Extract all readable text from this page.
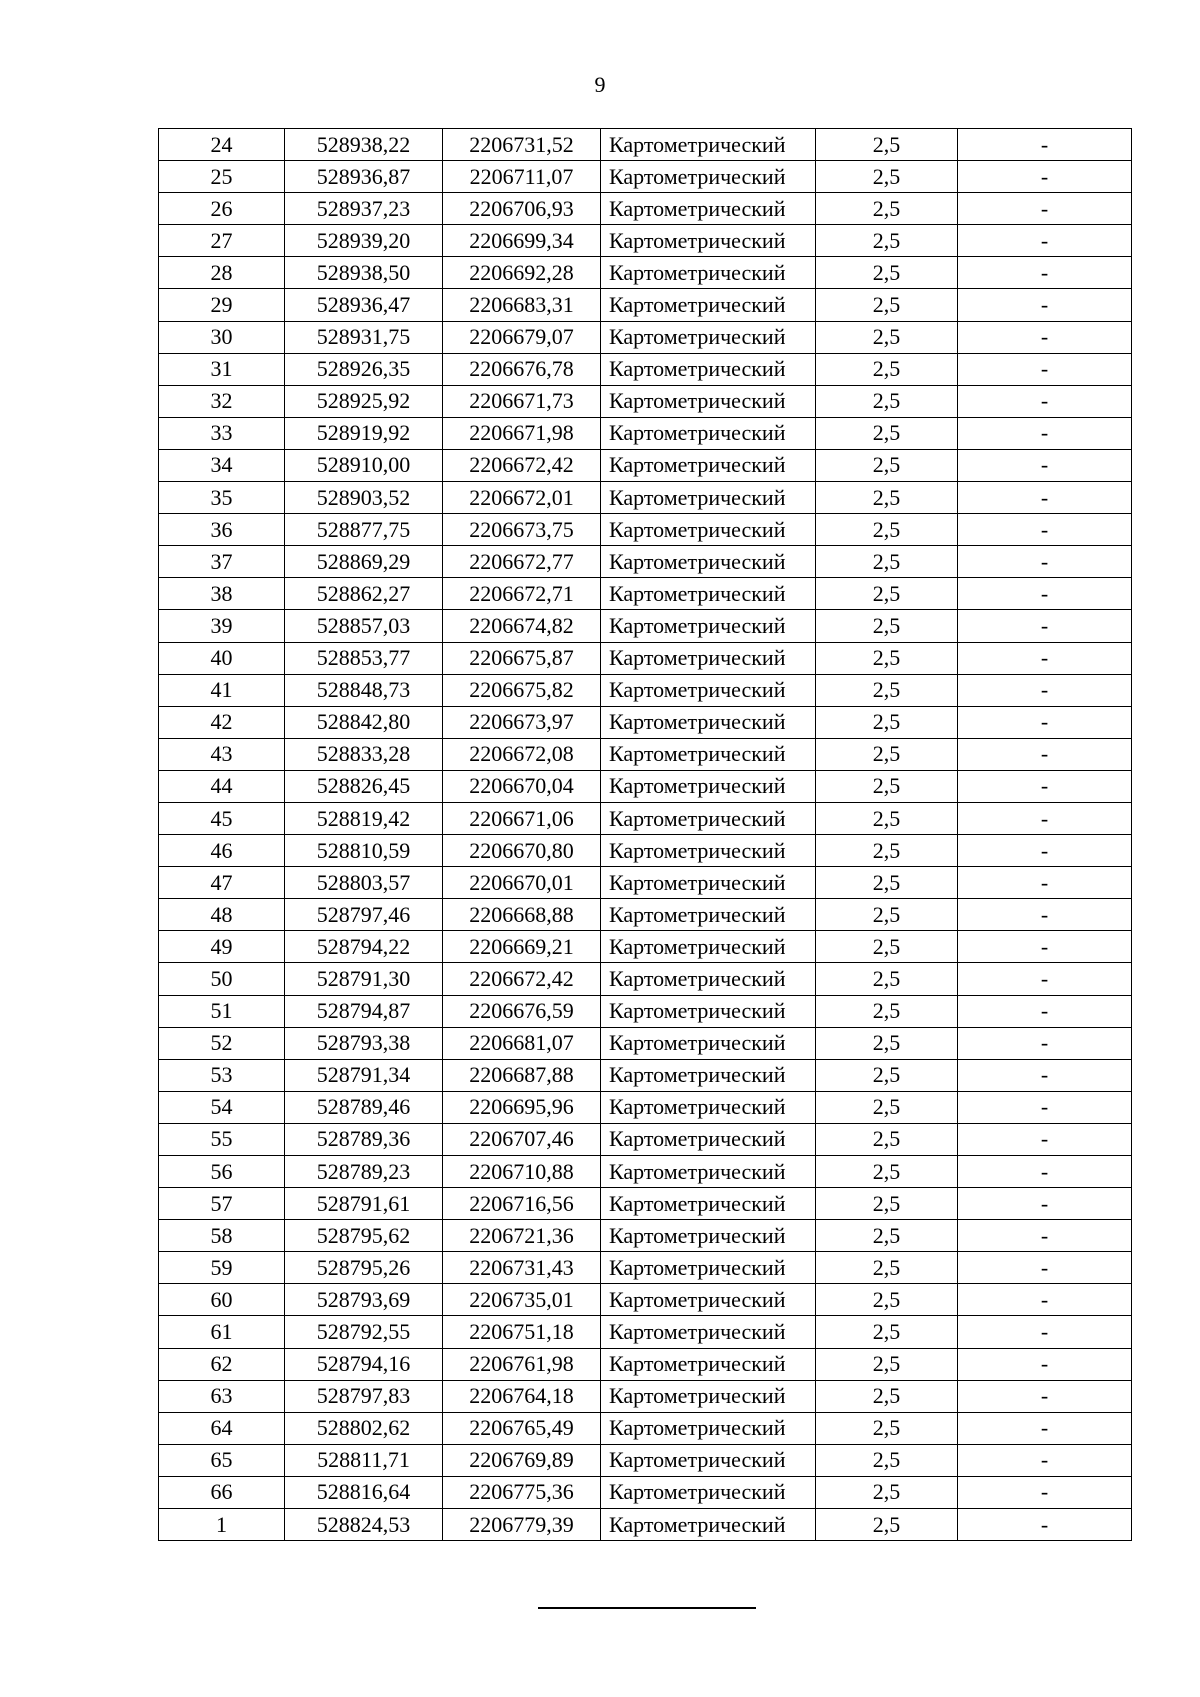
9
24	528938,22	2206731,52	Картометрический	2,5	-
25	528936,87	2206711,07	Картометрический	2,5	-
26	528937,23	2206706,93	Картометрический	2,5	-
27	528939,20	2206699,34	Картометрический	2,5	-
28	528938,50	2206692,28	Картометрический	2,5	-
29	528936,47	2206683,31	Картометрический	2,5	-
30	528931,75	2206679,07	Картометрический	2,5	-
31	528926,35	2206676,78	Картометрический	2,5	-
32	528925,92	2206671,73	Картометрический	2,5	-
33	528919,92	2206671,98	Картометрический	2,5	-
34	528910,00	2206672,42	Картометрический	2,5	-
35	528903,52	2206672,01	Картометрический	2,5	-
36	528877,75	2206673,75	Картометрический	2,5	-
37	528869,29	2206672,77	Картометрический	2,5	-
38	528862,27	2206672,71	Картометрический	2,5	-
39	528857,03	2206674,82	Картометрический	2,5	-
40	528853,77	2206675,87	Картометрический	2,5	-
41	528848,73	2206675,82	Картометрический	2,5	-
42	528842,80	2206673,97	Картометрический	2,5	-
43	528833,28	2206672,08	Картометрический	2,5	-
44	528826,45	2206670,04	Картометрический	2,5	-
45	528819,42	2206671,06	Картометрический	2,5	-
46	528810,59	2206670,80	Картометрический	2,5	-
47	528803,57	2206670,01	Картометрический	2,5	-
48	528797,46	2206668,88	Картометрический	2,5	-
49	528794,22	2206669,21	Картометрический	2,5	-
50	528791,30	2206672,42	Картометрический	2,5	-
51	528794,87	2206676,59	Картометрический	2,5	-
52	528793,38	2206681,07	Картометрический	2,5	-
53	528791,34	2206687,88	Картометрический	2,5	-
54	528789,46	2206695,96	Картометрический	2,5	-
55	528789,36	2206707,46	Картометрический	2,5	-
56	528789,23	2206710,88	Картометрический	2,5	-
57	528791,61	2206716,56	Картометрический	2,5	-
58	528795,62	2206721,36	Картометрический	2,5	-
59	528795,26	2206731,43	Картометрический	2,5	-
60	528793,69	2206735,01	Картометрический	2,5	-
61	528792,55	2206751,18	Картометрический	2,5	-
62	528794,16	2206761,98	Картометрический	2,5	-
63	528797,83	2206764,18	Картометрический	2,5	-
64	528802,62	2206765,49	Картометрический	2,5	-
65	528811,71	2206769,89	Картометрический	2,5	-
66	528816,64	2206775,36	Картометрический	2,5	-
1	528824,53	2206779,39	Картометрический	2,5	-
